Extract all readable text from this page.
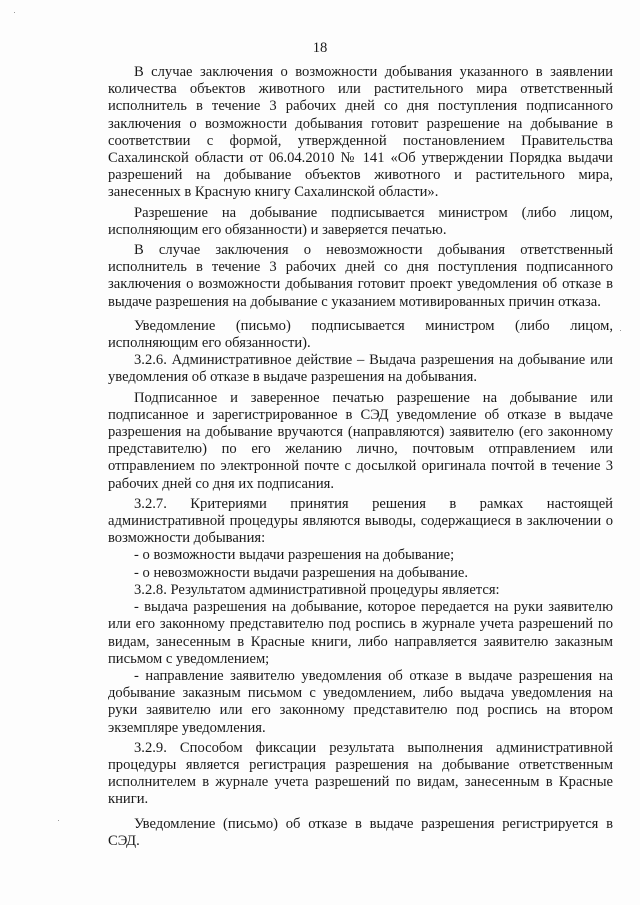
18

В случае заключения о возможности добывания указанного в заявлении количества объектов животного или растительного мира ответственный исполнитель в течение 3 рабочих дней со дня поступления подписанного заключения о возможности добывания готовит разрешение на добывание в соответствии с формой, утвержденной постановлением Правительства Сахалинской области от 06.04.2010 № 141 «Об утверждении Порядка выдачи разрешений на добывание объектов животного и растительного мира, занесенных в Красную книгу Сахалинской области».

Разрешение на добывание подписывается министром (либо лицом, исполняющим его обязанности) и заверяется печатью.

В случае заключения о невозможности добывания ответственный исполнитель в течение 3 рабочих дней со дня поступления подписанного заключения о возможности добывания готовит проект уведомления об отказе в выдаче разрешения на добывание с указанием мотивированных причин отказа.

Уведомление (письмо) подписывается министром (либо лицом, исполняющим его обязанности).

3.2.6. Административное действие – Выдача разрешения на добывание или уведомления об отказе в выдаче разрешения на добывания.

Подписанное и заверенное печатью разрешение на добывание или подписанное и зарегистрированное в СЭД уведомление об отказе в выдаче разрешения на добывание вручаются (направляются) заявителю (его законному представителю) по его желанию лично, почтовым отправлением или отправлением по электронной почте с досылкой оригинала почтой в течение 3 рабочих дней со дня их подписания.

3.2.7. Критериями принятия решения в рамках настоящей административной процедуры являются выводы, содержащиеся в заключении о возможности добывания:

- о возможности выдачи разрешения на добывание;

- о невозможности выдачи разрешения на добывание.

3.2.8. Результатом административной процедуры является:

- выдача разрешения на добывание, которое передается на руки заявителю или его законному представителю под роспись в журнале учета разрешений по видам, занесенным в Красные книги, либо направляется заявителю заказным письмом с уведомлением;

- направление заявителю уведомления об отказе в выдаче разрешения на добывание заказным письмом с уведомлением, либо выдача уведомления на руки заявителю или его законному представителю под роспись на втором экземпляре уведомления.

3.2.9. Способом фиксации результата выполнения административной процедуры является регистрация разрешения на добывание ответственным исполнителем в журнале учета разрешений по видам, занесенным в Красные книги.

Уведомление (письмо) об отказе в выдаче разрешения регистрируется в СЭД.
